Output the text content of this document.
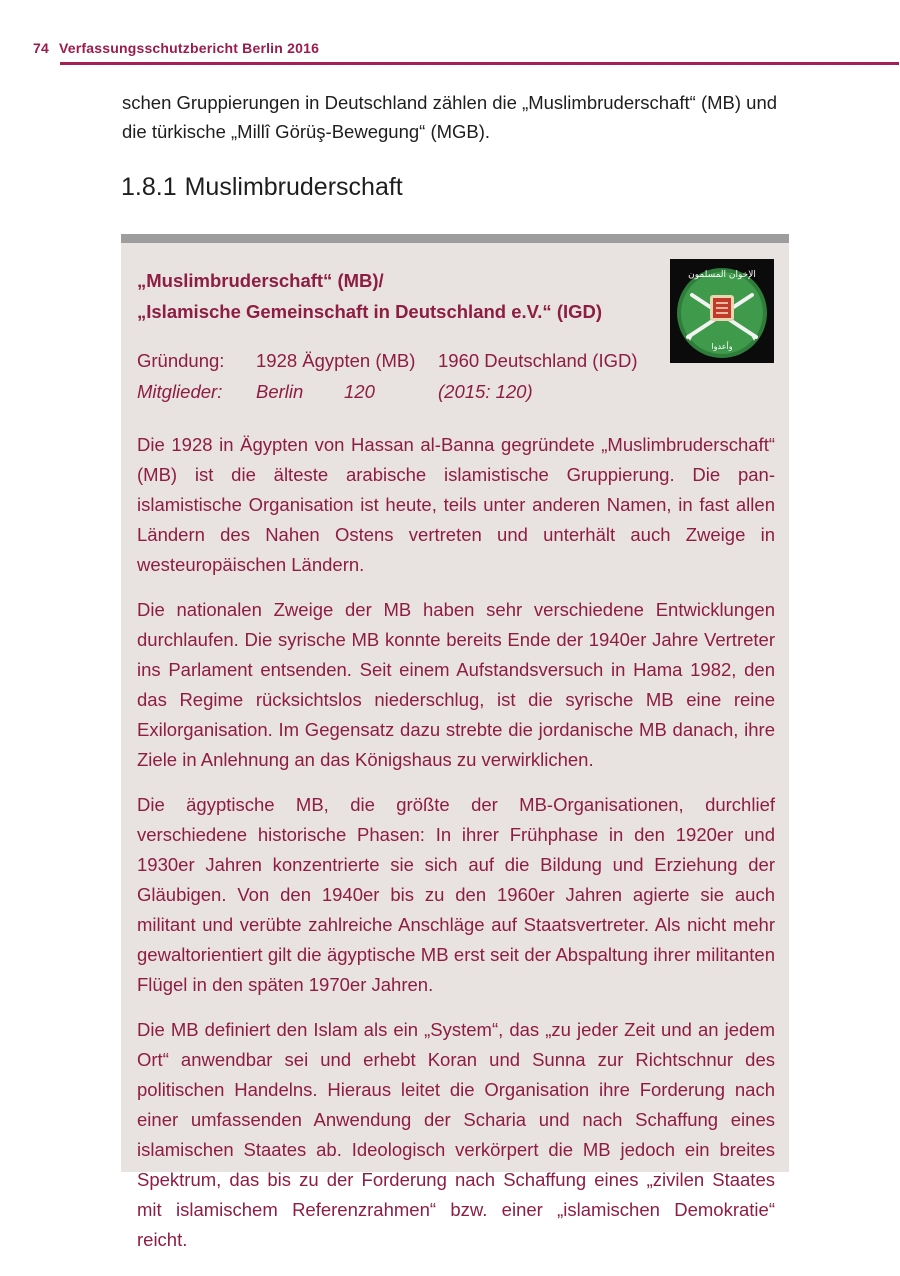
74 Verfassungsschutzbericht Berlin 2016

schen Gruppierungen in Deutschland zählen die „Muslimbruderschaft“ (MB) und die türkische „Millî Görüş-Bewegung“ (MGB).

1.8.1 Muslimbruderschaft
„Muslimbruderschaft“ (MB)/
„Islamische Gemeinschaft in Deutschland e.V.“ (IGD)
الإخوان المسلمون
وأعدوا
Gründung: 1928 Ägypten (MB) 1960 Deutschland (IGD)
Mitglieder: Berlin 120	(2015: 120)

Die 1928 in Ägypten von Hassan al-Banna gegründete „Muslimbruderschaft“ (MB) ist die älteste arabische islamistische Gruppierung. Die pan-islamistische Organisation ist heute, teils unter anderen Namen, in fast allen Ländern des Nahen Ostens vertreten und unterhält auch Zweige in westeuropäischen Ländern.

Die nationalen Zweige der MB haben sehr verschiedene Entwicklungen durchlaufen. Die syrische MB konnte bereits Ende der 1940er Jahre Vertreter ins Parlament entsenden. Seit einem Aufstandsversuch in Hama 1982, den das Regime rücksichtslos niederschlug, ist die syrische MB eine reine Exilorganisation. Im Gegensatz dazu strebte die jordanische MB danach, ihre Ziele in Anlehnung an das Königshaus zu verwirklichen.

Die ägyptische MB, die größte der MB-Organisationen, durchlief verschiedene historische Phasen: In ihrer Frühphase in den 1920er und 1930er Jahren konzentrierte sie sich auf die Bildung und Erziehung der Gläubigen. Von den 1940er bis zu den 1960er Jahren agierte sie auch militant und verübte zahlreiche Anschläge auf Staatsvertreter. Als nicht mehr gewaltorientiert gilt die ägyptische MB erst seit der Abspaltung ihrer militanten Flügel in den späten 1970er Jahren.

Die MB definiert den Islam als ein „System“, das „zu jeder Zeit und an jedem Ort“ anwendbar sei und erhebt Koran und Sunna zur Richtschnur des politischen Handelns. Hieraus leitet die Organisation ihre Forderung nach einer umfassenden Anwendung der Scharia und nach Schaffung eines islamischen Staates ab. Ideologisch verkörpert die MB jedoch ein breites Spektrum, das bis zu der Forderung nach Schaffung eines „zivilen Staates mit islamischem Referenzrahmen“ bzw. einer „islamischen Demokratie“ reicht.
